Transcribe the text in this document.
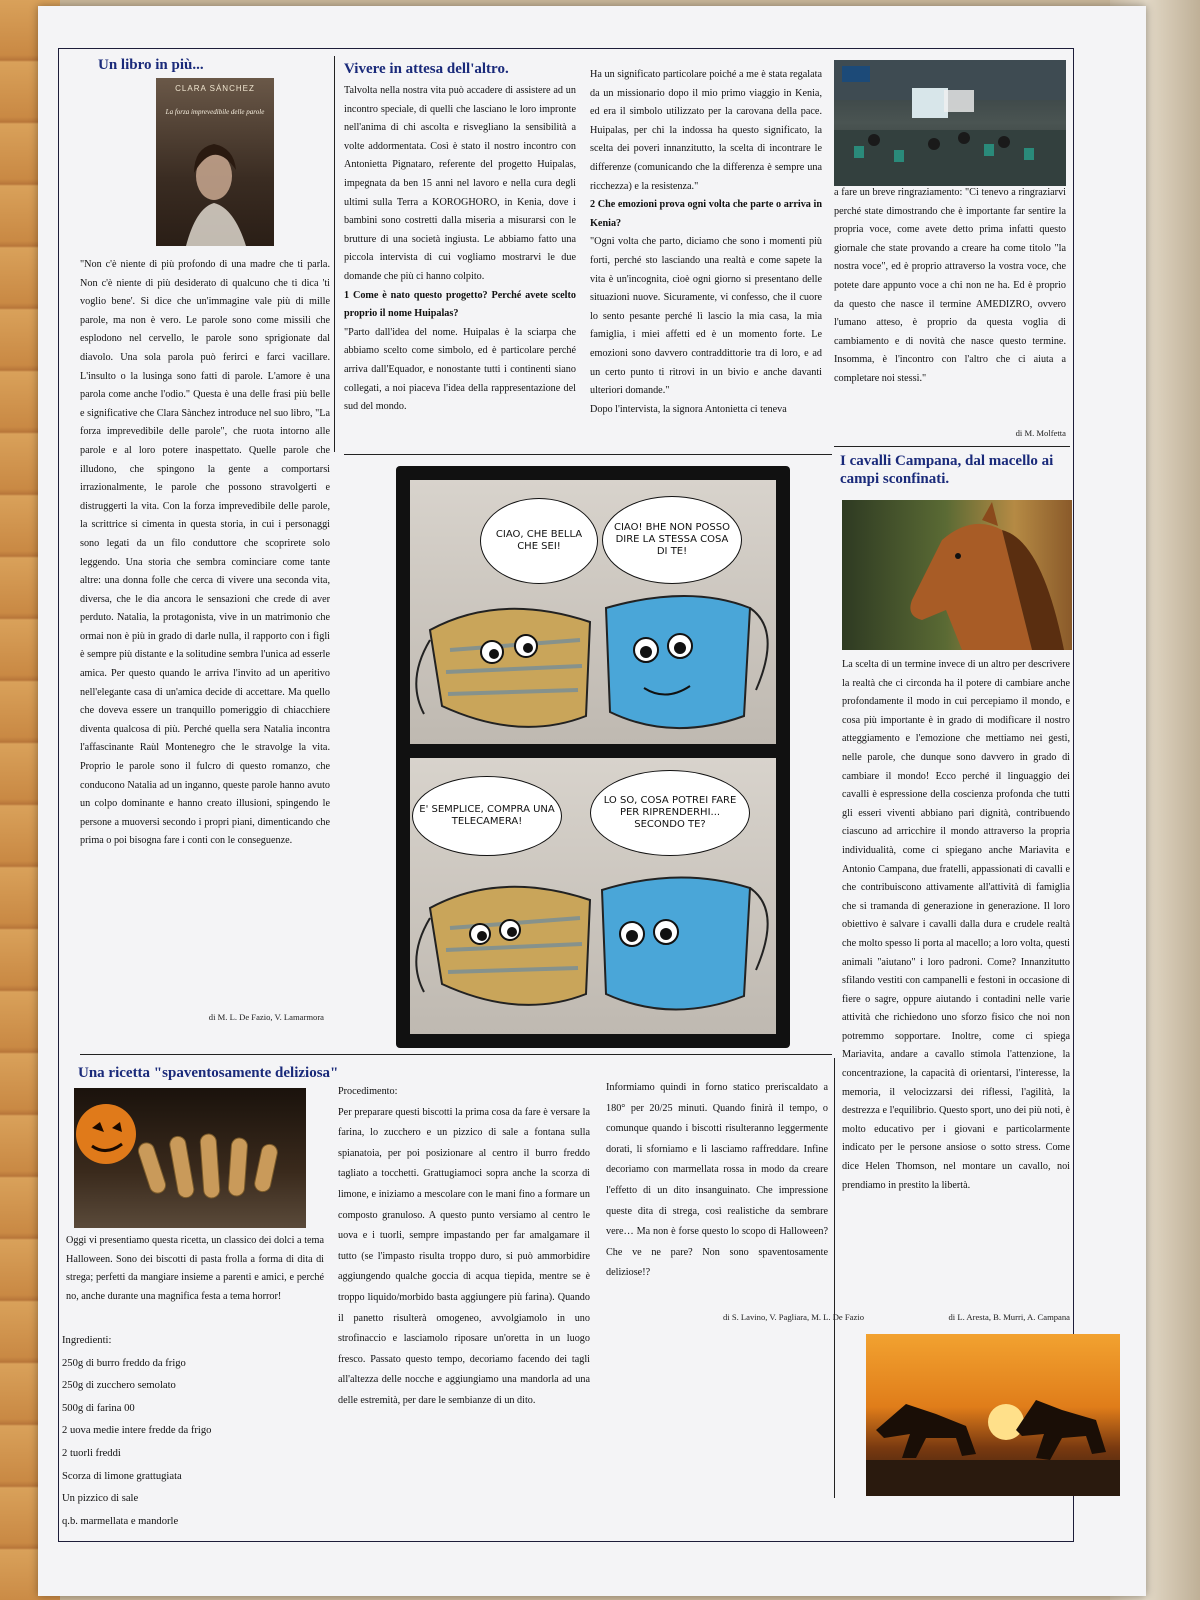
Un libro in più...
CLARA SÁNCHEZ
La forza imprevedibile delle parole
"Non c'è niente di più profondo di una madre che ti parla. Non c'è niente di più desiderato di qualcuno che ti dica 'ti voglio bene'. Si dice che un'immagine vale più di mille parole, ma non è vero. Le parole sono come missili che esplodono nel cervello, le parole sono sprigionate dal diavolo. Una sola parola può ferirci e farci vacillare. L'insulto o la lusinga sono fatti di parole. L'amore è una parola come anche l'odio." Questa è una delle frasi più belle e significative che Clara Sànchez introduce nel suo libro, "La forza imprevedibile delle parole", che ruota intorno alle parole e al loro potere inaspettato. Quelle parole che illudono, che spingono la gente a comportarsi irrazionalmente, le parole che possono stravolgerti e distruggerti la vita. Con la forza imprevedibile delle parole, la scrittrice si cimenta in questa storia, in cui i personaggi sono legati da un filo conduttore che scoprirete solo leggendo. Una storia che sembra cominciare come tante altre: una donna folle che cerca di vivere una seconda vita, diversa, che le dia ancora le sensazioni che crede di aver perduto. Natalia, la protagonista, vive in un matrimonio che ormai non è più in grado di darle nulla, il rapporto con i figli è sempre più distante e la solitudine sembra l'unica ad esserle amica. Per questo quando le arriva l'invito ad un aperitivo nell'elegante casa di un'amica decide di accettare. Ma quello che doveva essere un tranquillo pomeriggio di chiacchiere diventa qualcosa di più. Perché quella sera Natalia incontra l'affascinante Raùl Montenegro che le stravolge la vita. Proprio le parole sono il fulcro di questo romanzo, che conducono Natalia ad un inganno, queste parole hanno avuto un colpo dominante e hanno creato illusioni, spingendo le persone a muoversi secondo i propri piani, dimenticando che prima o poi bisogna fare i conti con le conseguenze.
di M. L. De Fazio, V. Lamarmora
Vivere in attesa dell'altro.

Talvolta nella nostra vita può accadere di assistere ad un incontro speciale, di quelli che lasciano le loro impronte nell'anima di chi ascolta e risvegliano la sensibilità a volte addormentata. Così è stato il nostro incontro con Antonietta Pignataro, referente del progetto Huipalas, impegnata da ben 15 anni nel lavoro e nella cura degli ultimi sulla Terra a KOROGHORO, in Kenia, dove i bambini sono costretti dalla miseria a misurarsi con le brutture di una società ingiusta. Le abbiamo fatto una piccola intervista di cui vogliamo mostrarvi le due domande che più ci hanno colpito.

1 Come è nato questo progetto? Perché avete scelto proprio il nome Huipalas?

"Parto dall'idea del nome. Huipalas è la sciarpa che abbiamo scelto come simbolo, ed è particolare perché arriva dall'Equador, e nonostante tutti i continenti siano collegati, a noi piaceva l'idea della rappresentazione del sud del mondo.

Ha un significato particolare poiché a me è stata regalata da un missionario dopo il mio primo viaggio in Kenia, ed era il simbolo utilizzato per la carovana della pace. Huipalas, per chi la indossa ha questo significato, la scelta dei poveri innanzitutto, la scelta di incontrare le differenze (comunicando che la differenza è sempre una ricchezza) e la resistenza."

2 Che emozioni prova ogni volta che parte o arriva in Kenia?

"Ogni volta che parto, diciamo che sono i momenti più forti, perché sto lasciando una realtà e come sapete la vita è un'incognita, cioè ogni giorno si presentano delle situazioni nuove. Sicuramente, vi confesso, che il cuore lo sento pesante perché lì lascio la mia casa, la mia famiglia, i miei affetti ed è un momento forte. Le emozioni sono davvero contraddittorie tra di loro, e ad un certo punto ti ritrovi in un bivio e anche davanti ulteriori domande."

Dopo l'intervista, la signora Antonietta ci teneva

a fare un breve ringraziamento: "Ci tenevo a ringraziarvi perché state dimostrando che è importante far sentire la propria voce, come avete detto prima infatti questo giornale che state provando a creare ha come titolo "la nostra voce", ed è proprio attraverso la vostra voce, che potete dare appunto voce a chi non ne ha. Ed è proprio da questo che nasce il termine AMEDIZRO, ovvero l'umano atteso, è proprio da questa voglia di cambiamento e di novità che nasce questo termine. Insomma, è l'incontro con l'altro che ci aiuta a completare noi stessi."
di M. Molfetta
CIAO, CHE BELLA CHE SEI!
CIAO! BHE NON POSSO DIRE LA STESSA COSA DI TE!
E' SEMPLICE, COMPRA UNA TELECAMERA!
LO SO, COSA POTREI FARE PER RIPRENDERHI... SECONDO TE?
I cavalli Campana, dal macello ai campi sconfinati.
La scelta di un termine invece di un altro per descrivere la realtà che ci circonda ha il potere di cambiare anche profondamente il modo in cui percepiamo il mondo, e cosa più importante è in grado di modificare il nostro atteggiamento e l'emozione che mettiamo nei gesti, nelle parole, che dunque sono davvero in grado di cambiare il mondo! Ecco perché il linguaggio dei cavalli è espressione della coscienza profonda che tutti gli esseri viventi abbiano pari dignità, contribuendo ciascuno ad arricchire il mondo attraverso la propria individualità, come ci spiegano anche Mariavita e Antonio Campana, due fratelli, appassionati di cavalli e che contribuiscono attivamente all'attività di famiglia che si tramanda di generazione in generazione. Il loro obiettivo è salvare i cavalli dalla dura e crudele realtà che molto spesso li porta al macello; a loro volta, questi animali "aiutano" i loro padroni. Come? Innanzitutto sfilando vestiti con campanelli e festoni in occasione di fiere o sagre, oppure aiutando i contadini nelle varie attività che richiedono uno sforzo fisico che noi non potremmo sopportare. Inoltre, come ci spiega Mariavita, andare a cavallo stimola l'attenzione, la concentrazione, la capacità di orientarsi, l'interesse, la memoria, il velocizzarsi dei riflessi, l'agilità, la destrezza e l'equilibrio. Questo sport, uno dei più noti, è molto educativo per i giovani e particolarmente indicato per le persone ansiose o sotto stress. Come dice Helen Thomson, nel montare un cavallo, noi prendiamo in prestito la libertà.
di L. Aresta, B. Murri, A. Campana
Una ricetta "spaventosamente deliziosa"
Oggi vi presentiamo questa ricetta, un classico dei dolci a tema Halloween. Sono dei biscotti di pasta frolla a forma di dita di strega; perfetti da mangiare insieme a parenti e amici, e perché no, anche durante una magnifica festa a tema horror!
Ingredienti:
250g di burro freddo da frigo
250g di zucchero semolato
500g di farina 00
2 uova medie intere fredde da frigo
2 tuorli freddi
Scorza di limone grattugiata
Un pizzico di sale
q.b. marmellata e mandorle

Procedimento:

Per preparare questi biscotti la prima cosa da fare è versare la farina, lo zucchero e un pizzico di sale a fontana sulla spianatoia, per poi posizionare al centro il burro freddo tagliato a tocchetti. Grattugiamoci sopra anche la scorza di limone, e iniziamo a mescolare con le mani fino a formare un composto granuloso. A questo punto versiamo al centro le uova e i tuorli, sempre impastando per far amalgamare il tutto (se l'impasto risulta troppo duro, si può ammorbidire aggiungendo qualche goccia di acqua tiepida, mentre se è troppo liquido/morbido basta aggiungere più farina). Quando il panetto risulterà omogeneo, avvolgiamolo in uno strofinaccio e lasciamolo riposare un'oretta in un luogo fresco. Passato questo tempo, decoriamo facendo dei tagli all'altezza delle nocche e aggiungiamo una mandorla ad una delle estremità, per dare le sembianze di un dito.

Informiamo quindi in forno statico preriscaldato a 180° per 20/25 minuti. Quando finirà il tempo, o comunque quando i biscotti risulteranno leggermente dorati, li sforniamo e li lasciamo raffreddare. Infine decoriamo con marmellata rossa in modo da creare l'effetto di un dito insanguinato. Che impressione queste dita di strega, così realistiche da sembrare vere… Ma non è forse questo lo scopo di Halloween? Che ve ne pare? Non sono spaventosamente deliziose!?
di S. Lavino, V. Pagliara, M. L. De Fazio
